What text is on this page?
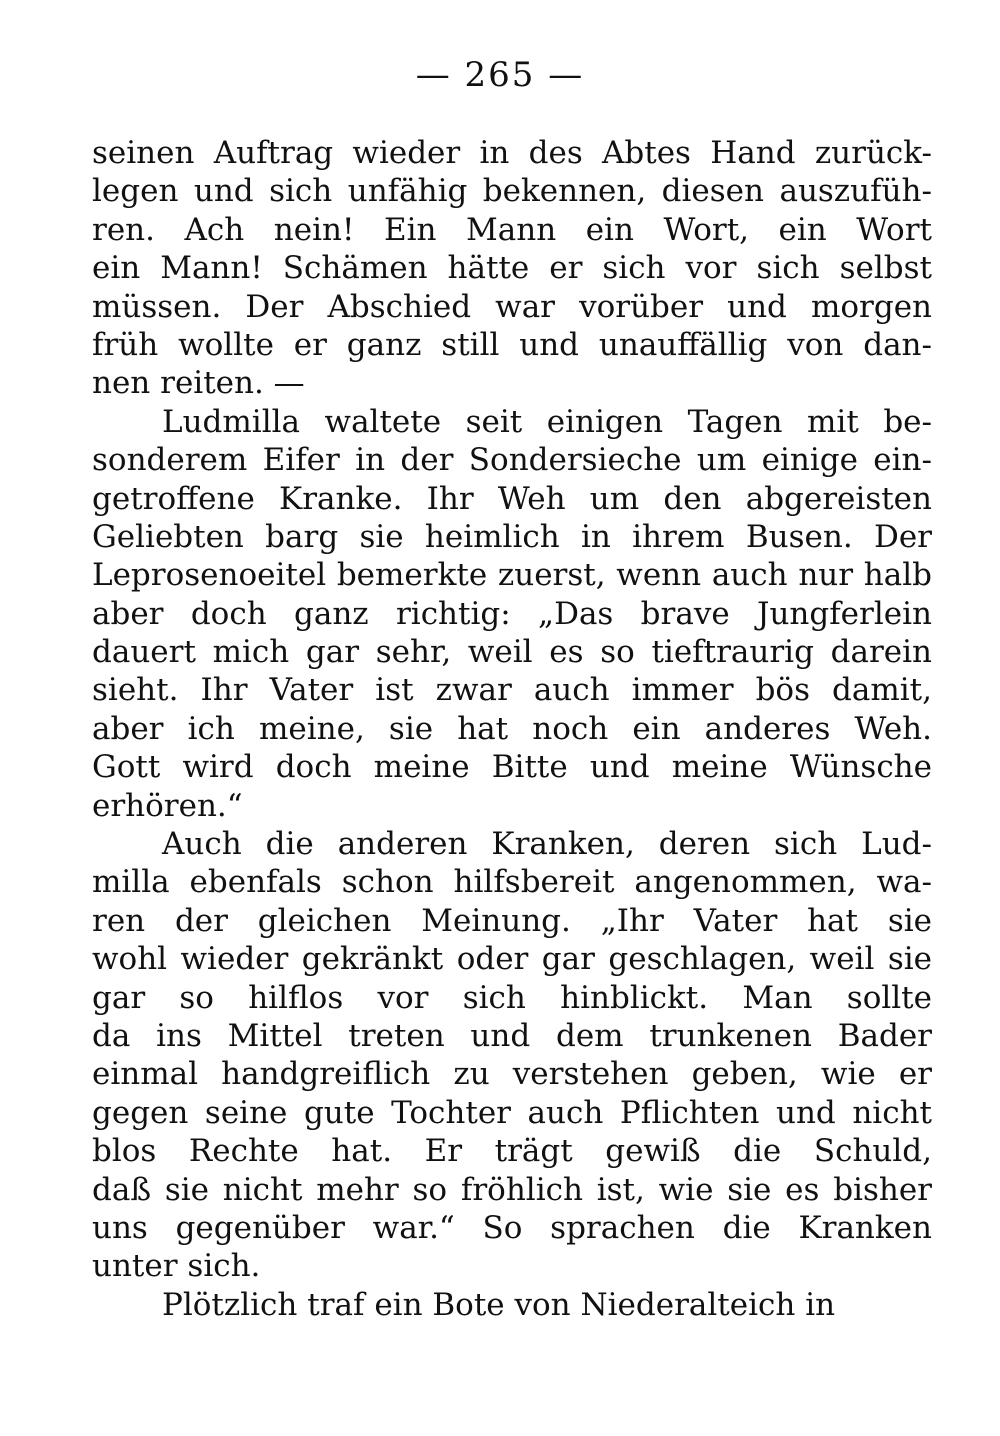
— 265 —
seinen Auftrag wieder in des Abtes Hand zurück-
legen und sich unfähig bekennen, diesen auszufüh-
ren. Ach nein! Ein Mann ein Wort, ein Wort
ein Mann! Schämen hätte er sich vor sich selbst
müssen. Der Abschied war vorüber und morgen
früh wollte er ganz still und unauffällig von dan-
nen reiten. —
Ludmilla waltete seit einigen Tagen mit be-
sonderem Eifer in der Sondersieche um einige ein-
getroffene Kranke. Ihr Weh um den abgereisten
Geliebten barg sie heimlich in ihrem Busen. Der
Leprosenoeitel bemerkte zuerst, wenn auch nur halb
aber doch ganz richtig: „Das brave Jungferlein
dauert mich gar sehr, weil es so tieftraurig darein
sieht. Ihr Vater ist zwar auch immer bös damit,
aber ich meine, sie hat noch ein anderes Weh.
Gott wird doch meine Bitte und meine Wünsche
erhören.“
Auch die anderen Kranken, deren sich Lud-
milla ebenfals schon hilfsbereit angenommen, wa-
ren der gleichen Meinung. „Ihr Vater hat sie
wohl wieder gekränkt oder gar geschlagen, weil sie
gar so hilflos vor sich hinblickt. Man sollte
da ins Mittel treten und dem trunkenen Bader
einmal handgreiflich zu verstehen geben, wie er
gegen seine gute Tochter auch Pflichten und nicht
blos Rechte hat. Er trägt gewiß die Schuld,
daß sie nicht mehr so fröhlich ist, wie sie es bisher
uns gegenüber war.“ So sprachen die Kranken
unter sich.
Plötzlich traf ein Bote von Niederalteich in
